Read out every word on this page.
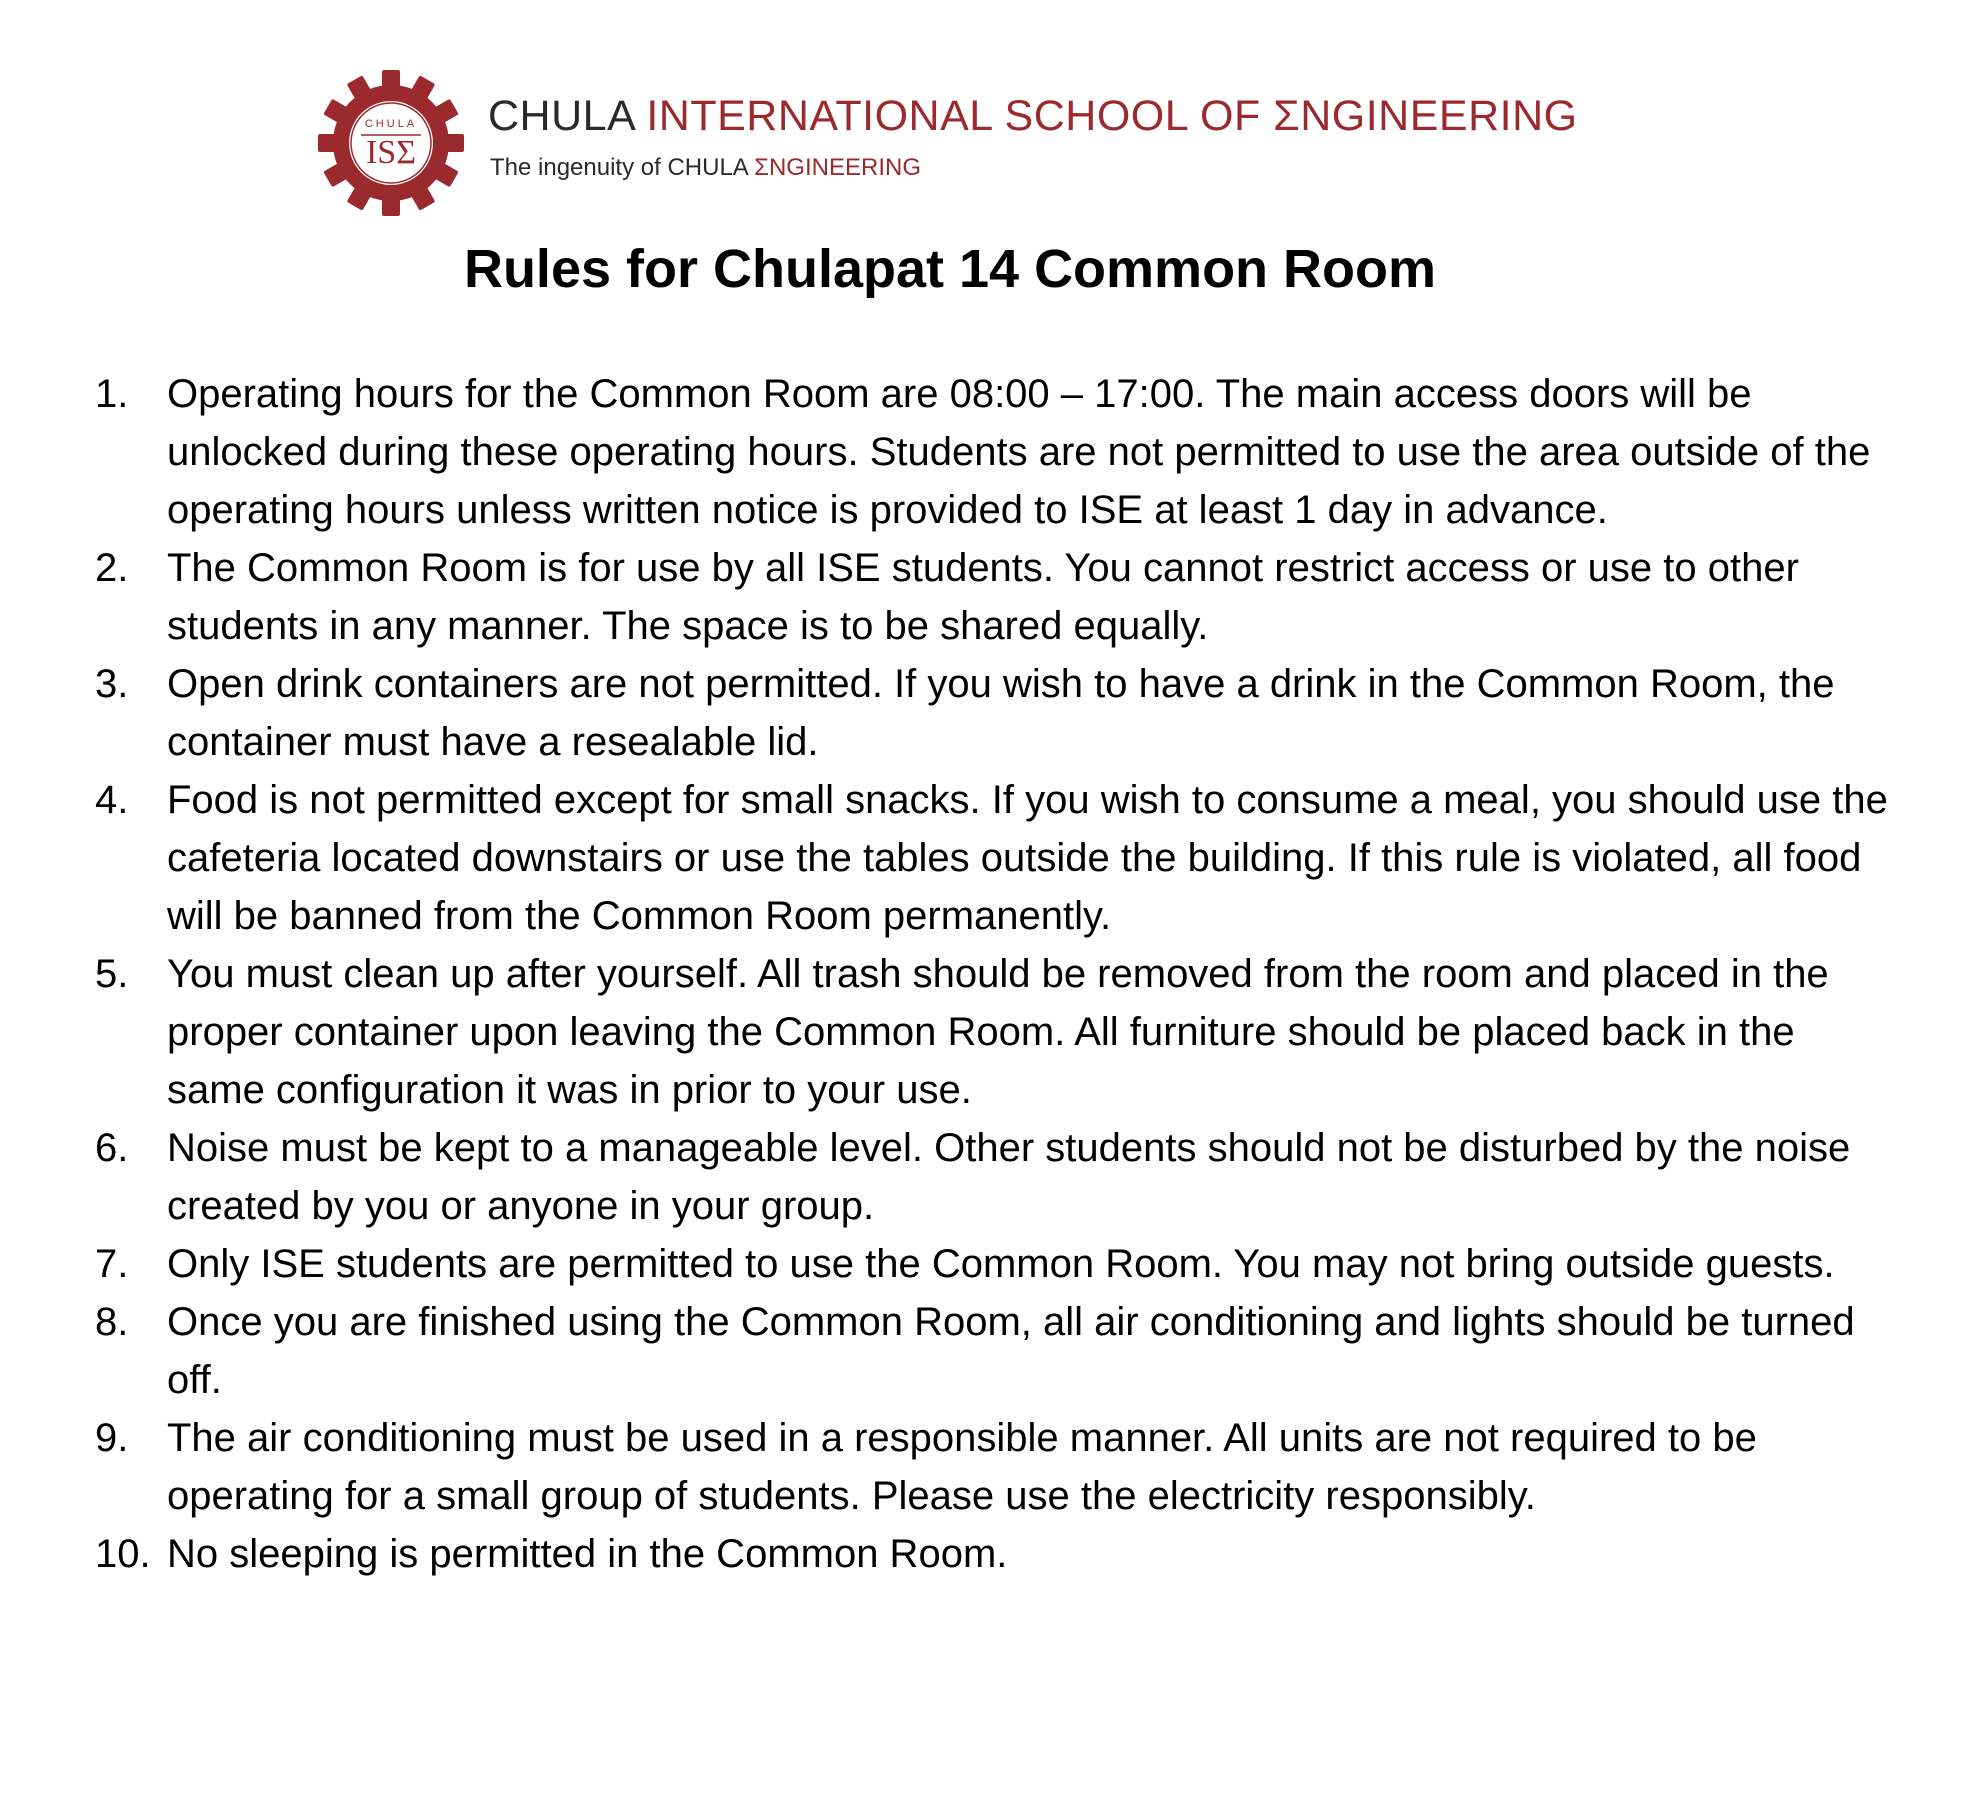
CHULA
ISΣ
CHULA INTERNATIONAL SCHOOL OF ΣNGINEERING
The ingenuity of CHULA ΣNGINEERING
Rules for Chulapat 14 Common Room
1. Operating hours for the Common Room are 08:00 – 17:00. The main access doors will be unlocked during these operating hours. Students are not permitted to use the area outside of the operating hours unless written notice is provided to ISE at least 1 day in advance.
2. The Common Room is for use by all ISE students. You cannot restrict access or use to other students in any manner. The space is to be shared equally.
3. Open drink containers are not permitted. If you wish to have a drink in the Common Room, the container must have a resealable lid.
4. Food is not permitted except for small snacks. If you wish to consume a meal, you should use the cafeteria located downstairs or use the tables outside the building. If this rule is violated, all food will be banned from the Common Room permanently.
5. You must clean up after yourself. All trash should be removed from the room and placed in the proper container upon leaving the Common Room. All furniture should be placed back in the same configuration it was in prior to your use.
6. Noise must be kept to a manageable level. Other students should not be disturbed by the noise created by you or anyone in your group.
7. Only ISE students are permitted to use the Common Room. You may not bring outside guests.
8. Once you are finished using the Common Room, all air conditioning and lights should be turned off.
9. The air conditioning must be used in a responsible manner. All units are not required to be operating for a small group of students. Please use the electricity responsibly.
10. No sleeping is permitted in the Common Room.
